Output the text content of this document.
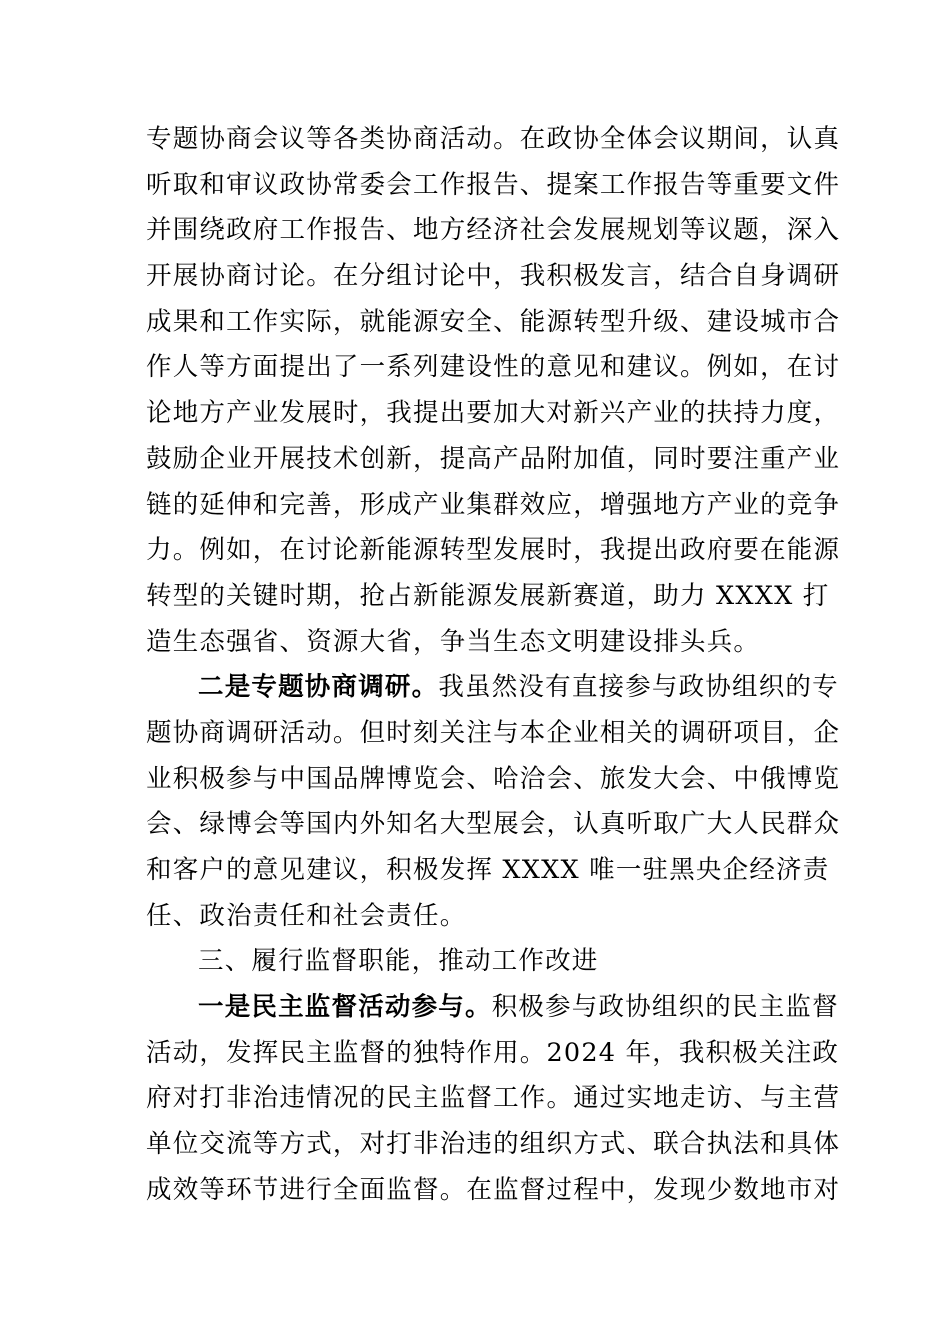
专题协商会议等各类协商活动。在政协全体会议期间，认真
听取和审议政协常委会工作报告、提案工作报告等重要文件
并围绕政府工作报告、地方经济社会发展规划等议题，深入
开展协商讨论。在分组讨论中，我积极发言，结合自身调研
成果和工作实际，就能源安全、能源转型升级、建设城市合
作人等方面提出了一系列建设性的意见和建议。例如，在讨
论地方产业发展时，我提出要加大对新兴产业的扶持力度，
鼓励企业开展技术创新，提高产品附加值，同时要注重产业
链的延伸和完善，形成产业集群效应，增强地方产业的竞争
力。例如，在讨论新能源转型发展时，我提出政府要在能源
转型的关键时期，抢占新能源发展新赛道，助力 XXXX 打
造生态强省、资源大省，争当生态文明建设排头兵。
二是专题协商调研。我虽然没有直接参与政协组织的专
题协商调研活动。但时刻关注与本企业相关的调研项目，企
业积极参与中国品牌博览会、哈洽会、旅发大会、中俄博览
会、绿博会等国内外知名大型展会，认真听取广大人民群众
和客户的意见建议，积极发挥 XXXX 唯一驻黑央企经济责
任、政治责任和社会责任。
三、履行监督职能，推动工作改进
一是民主监督活动参与。积极参与政协组织的民主监督
活动，发挥民主监督的独特作用。2024 年，我积极关注政
府对打非治违情况的民主监督工作。通过实地走访、与主营
单位交流等方式，对打非治违的组织方式、联合执法和具体
成效等环节进行全面监督。在监督过程中，发现少数地市对
